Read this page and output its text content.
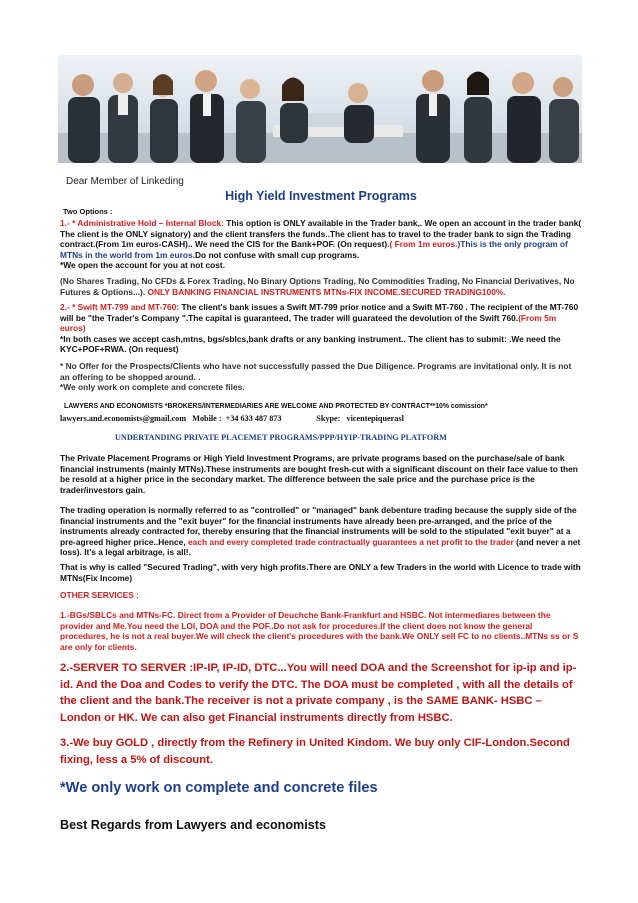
Dear Member of Linkeding
High Yield Investment Programs
Two Options :
1.- * Administrative Hold – Internal Block: This option is ONLY available in the Trader bank,. We open an account in the trader bank( The client is the ONLY signatory) and the client transfers the funds..The client has to travel to the trader bank to sign the Trading contract.(From 1m euros-CASH).. We need the CIS for the Bank+POF. (On request).( From 1m euros.)This is the only program of MTNs in the world from 1m euros.Do not confuse with small cup programs.
*We open the account for you at not cost.
(No Shares Trading, No CFDs & Forex Trading, No Binary Options Trading, No Commodities Trading, No Financial Derivatives, No Futures & Options...). ONLY BANKING FINANCIAL INSTRUMENTS MTNs-FIX INCOME.SECURED TRADING100%.
2.- * Swift MT-799 and MT-760: The client's bank issues a Swift MT-799 prior notice and a Swift MT-760 . The recipient of the MT-760 will be "the Trader's Company ".The capital is guaranteed, The trader will guarateed the devolution of the Swift 760.(From 5m euros)
*In both cases we accept cash,mtns, bgs/sblcs,bank drafts or any banking instrument.. The client has to submit: .We need the KYC+POF+RWA. (On request)
* No Offer for the Prospects/Clients who have not successfully passed the Due Diligence. Programs are invitational only. It is not an offering to be shopped around. .
*We only work on complete and concrete files.
LAWYERS AND ECONOMISTS *BROKERS/INTERMEDIARIES ARE WELCOME AND PROTECTED BY CONTRACT**10% comission*
lawyers.and.economists@gmail.com   Mobile :  +34 633 487 873                 Skype:   vicentepiquerasl
UNDERTANDING PRIVATE PLACEMET PROGRAMS/PPP/HYIP-TRADING PLATFORM
The Private Placement Programs or High Yield Investment Programs, are private programs based on the purchase/sale of bank financial instruments (mainly MTNs).These instruments are bought fresh-cut with a significant discount on their face value to then be resold at a higher price in the secondary market. The difference between the sale price and the purchase price is the trader/investors gain.
The trading operation is normally referred to as "controlled" or "managed" bank debenture trading because the supply side of the financial instruments and the "exit buyer" for the financial instruments have already been pre-arranged, and the price of the instruments already contracted for, thereby ensuring that the financial instruments will be sold to the stipulated "exit buyer" at a pre-agreed higher price..Hence, each and every completed trade contractually guarantees a net profit to the trader (and never a net loss). It's a legal arbitrage, is all!.
That is why is called "Secured Trading", with very high profits.There are ONLY a few Traders in the world with Licence to trade with MTNs(Fix Income)
OTHER SERVICES :
1.-BGs/SBLCs and MTNs-FC. Direct from a Provider of Deuchche Bank-Frankfurt and HSBC. Not intermediares between the provider and Me.You need the LOI, DOA and the POF..Do not ask for procedures.If the client does not know the general procedures, he is not a real buyer.We will check the client's procedures with the bank.We ONLY sell FC to no clients..MTNs ss or S are only for clients.
2.-SERVER TO SERVER :IP-IP, IP-ID, DTC...You will need DOA and the Screenshot for ip-ip and ip-id. And the Doa and Codes to verify the DTC. The DOA must be completed , with all the details of the client and the bank.The receiver is not a private company , is the SAME BANK- HSBC –London or HK. We can also get Financial instruments directly from HSBC.
3.-We buy GOLD , directly from the Refinery in United Kindom. We buy only CIF-London.Second fixing, less a 5% of discount.
*We only work on complete and concrete files
Best Regards from Lawyers and economists
